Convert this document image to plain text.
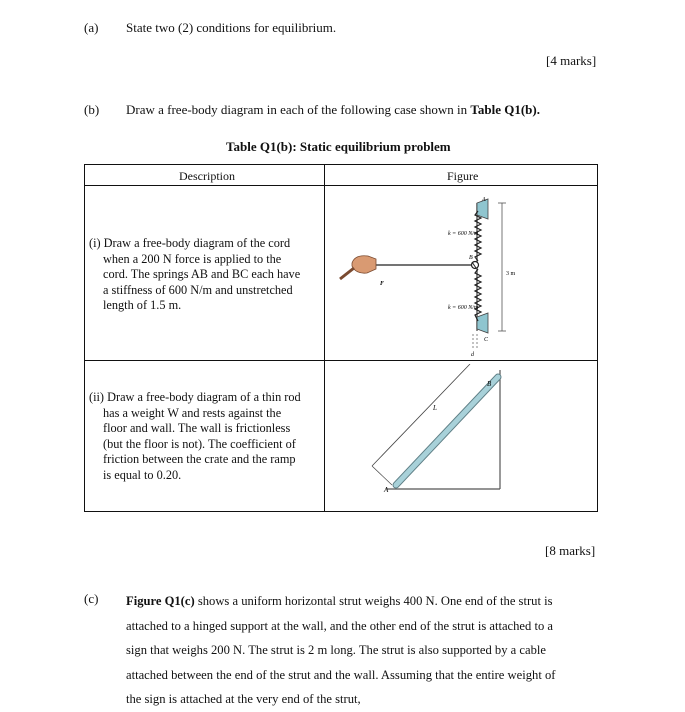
(a) State two (2) conditions for equilibrium.
[4 marks]
(b) Draw a free-body diagram in each of the following case shown in Table Q1(b).
Table Q1(b): Static equilibrium problem
Description	Figure
(i) Draw a free-body diagram of the cord
when a 200 N force is applied to the
cord. The springs AB and BC each have
a stiffness of 600 N/m and unstretched
length of 1.5 m.
(ii) Draw a free-body diagram of a thin rod
has a weight W and rests against the
floor and wall. The wall is frictionless
(but the floor is not). The coefficient of
friction between the crate and the ramp
is equal to 0.20.
k = 600 N/m
k = 600 N/m
A
B
C
F
3 m
d
L
A
B
[8 marks]
(c) Figure Q1(c) shows a uniform horizontal strut weighs 400 N. One end of the strut is
attached to a hinged support at the wall, and the other end of the strut is attached to a
sign that weighs 200 N. The strut is 2 m long. The strut is also supported by a cable
attached between the end of the strut and the wall. Assuming that the entire weight of
the sign is attached at the very end of the strut,
